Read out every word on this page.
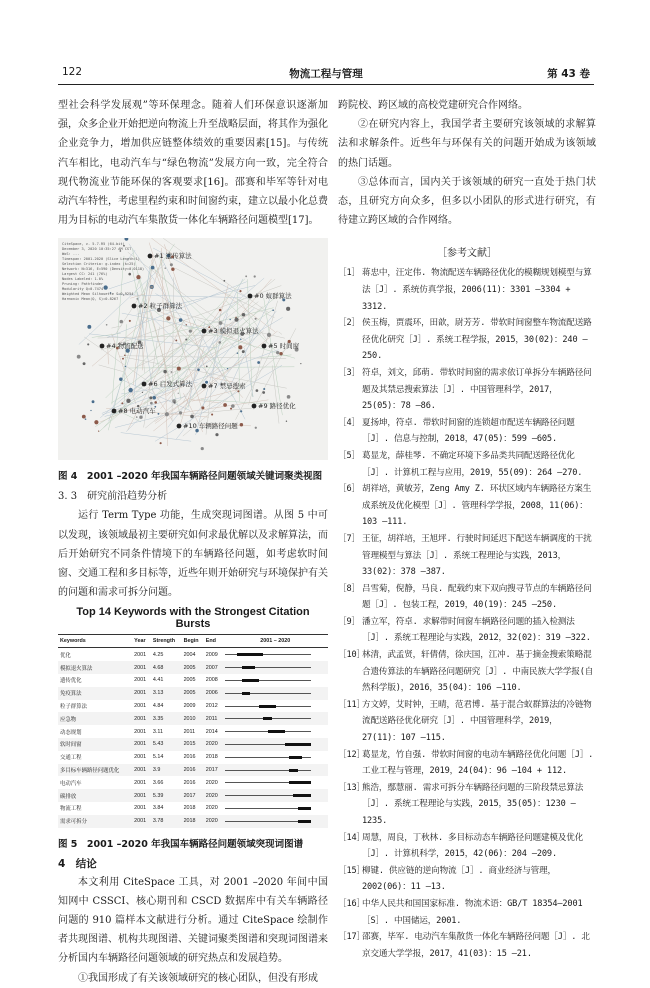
122	物流工程与管理	第 43 卷

型社会科学发展观”等环保理念。随着人们环保意识逐渐加强，众多企业开始把逆向物流上升至战略层面，将其作为强化企业竞争力，增加供应链整体绩效的重要因素[15]。与传统汽车相比，电动汽车与“绿色物流”发展方向一致，完全符合现代物流业节能环保的客观要求[16]。邵赛和毕军等针对电动汽车特性，考虑里程约束和时间窗约束，建立以最小化总费用为目标的电动汽车集散货一体化车辆路径问题模型[17]。

#1 遗传算法
#0 蚁群算法
#2 粒子群算法
#3 模拟退火算法
#4 物流配送	#5 时间窗
#6 启发式算法 #7 禁忌搜索
#8 电动汽车
#9 路径优化
#10 车辆路径问题
CiteSpace, v. 5.7.R5 (64-bit)
December 3, 2020 10:35:27 AM CST
WoS: ...
Timespan: 2001-2020 (Slice Length=1)
Selection Criteria: g-index (k=25)
Network: N=316, E=590 (Density=0.0118)
Largest CC: 241 (76%)
Nodes Labeled: 1.0%
Pruning: Pathfinder
Modularity Q=0.7474
Weighted Mean Silhouette S=0.9254
Harmonic Mean(Q, S)=0.8267

图 4　2001 –2020 年我国车辆路径问题领域关键词聚类视图

3. 3　研究前沿趋势分析

运行 Term Type 功能，生成突现词图谱。从图 5 中可以发现，该领域最初主要研究如何求最优解以及求解算法，而后开始研究不同条件情境下的车辆路径问题，如考虑软时间窗、交通工程和多目标等，近些年则开始研究与环境保护有关的问题和需求可拆分问题。

Top 14 Keywords with the Strongest Citation Bursts

Keywords	Year	Strength	Begin	End	2001 – 2020
优化	2001	4.25	2004	2009	

模拟退火算法	2001	4.68	2005	2007	

遗传优化	2001	4.41	2005	2008	

免疫算法	2001	3.13	2005	2006	

粒子群算法	2001	4.84	2009	2012	

应急物	2001	3.35	2010	2011	

动态规划	2001	3.11	2011	2014	

软时间窗	2001	5.43	2015	2020	

交通工程	2001	5.14	2016	2018	

多目标车辆路径问题优化	2001	3.9	2016	2017	

电动汽车	2001	3.66	2016	2020	

碳排放	2001	5.39	2017	2020	

物流工程	2001	3.84	2018	2020	

需求可拆分	2001	3.78	2018	2020	

图 5　2001 –2020 年我国车辆路径问题领域突现词图谱

4　结论

本文利用 CiteSpace 工具，对 2001 –2020 年间中国知网中 CSSCI、核心期刊和 CSCD 数据库中有关车辆路径问题的 910 篇样本文献进行分析。通过 CiteSpace 绘制作者共现图谱、机构共现图谱、关键词聚类图谱和突现词图谱来分析国内车辆路径问题领域的研究热点和发展趋势。

①我国形成了有关该领域研究的核心团队，但没有形成

跨院校、跨区域的高校党建研究合作网络。

②在研究内容上，我国学者主要研究该领域的求解算法和求解条件。近些年与环保有关的问题开始成为该领域的热门话题。

③总体而言，国内关于该领域的研究一直处于热门状态，且研究方向众多，但多以小团队的形式进行研究，有待建立跨区域的合作网络。

［参考文献］

［1］ 蒋忠中，汪定伟. 物流配送车辆路径优化的模糊规划模型与算法［J］. 系统仿真学报，2006(11)：3301 –3304 + 3312.

［2］ 侯玉梅，贾震环，田歆，尉芳芳. 带软时间窗整车物流配送路径优化研究［J］. 系统工程学报，2015，30(02)：240 –250.

［3］ 符卓，刘文，邱萌. 带软时间窗的需求依订单拆分车辆路径问题及其禁忌搜索算法［J］. 中国管理科学，2017，25(05)：78 –86.

［4］ 夏扬坤，符卓. 带软时间窗的连锁超市配送车辆路径问题［J］. 信息与控制，2018，47(05)：599 –605.

［5］ 葛显龙，薛桂琴. 不确定环境下多品类共同配送路径优化［J］. 计算机工程与应用，2019，55(09)：264 –270.

［6］ 胡祥培，黄敏芳，Zeng Amy Z. 环状区域内车辆路径方案生成系统及优化模型［J］. 管理科学学报，2008，11(06)：103 –111.

［7］ 王征，胡祥培，王旭坪. 行驶时间延迟下配送车辆调度的干扰管理模型与算法［J］. 系统工程理论与实践，2013，33(02)：378 –387.

［8］ 吕雪菊，倪静，马良. 配载约束下双向搜寻节点的车辆路径问题［J］. 包装工程，2019，40(19)：245 –250.

［9］ 潘立军，符卓. 求解带时间窗车辆路径问题的插入检测法［J］. 系统工程理论与实践，2012，32(02)：319 –322.

［10］
林清，武孟贤，轩倩倩，徐庆国，江冲. 基于摘金搜索策略混合遗传算法的车辆路径问题研究［J］. 中南民族大学学报(自然科学版)，2016，35(04)：106 –110.

［11］
方文婷，艾时钟，王晴，范君博. 基于混合蚁群算法的冷链物流配送路径优化研究［J］. 中国管理科学，2019，27(11)：107 –115.

［12］
葛显龙，竹自强. 带软时间窗的电动车辆路径优化问题［J］. 工业工程与管理，2019，24(04)：96 –104 + 112.

［13］
熊浩，鄢慧丽. 需求可拆分车辆路径问题的三阶段禁忌算法［J］. 系统工程理论与实践，2015，35(05)：1230 –1235.

［14］
周慧，周良，丁秋林. 多目标动态车辆路径问题建模及优化［J］. 计算机科学，2015，42(06)：204 –209.

［15］
柳键. 供应链的逆向物流［J］. 商业经济与管理，2002(06)：11 –13.

［16］
中华人民共和国国家标准. 物流术语：GB/T 18354—2001［S］. 中国储运，2001.

［17］
邵赛，毕军. 电动汽车集散货一体化车辆路径问题［J］. 北京交通大学学报，2017，41(03)：15 –21.
